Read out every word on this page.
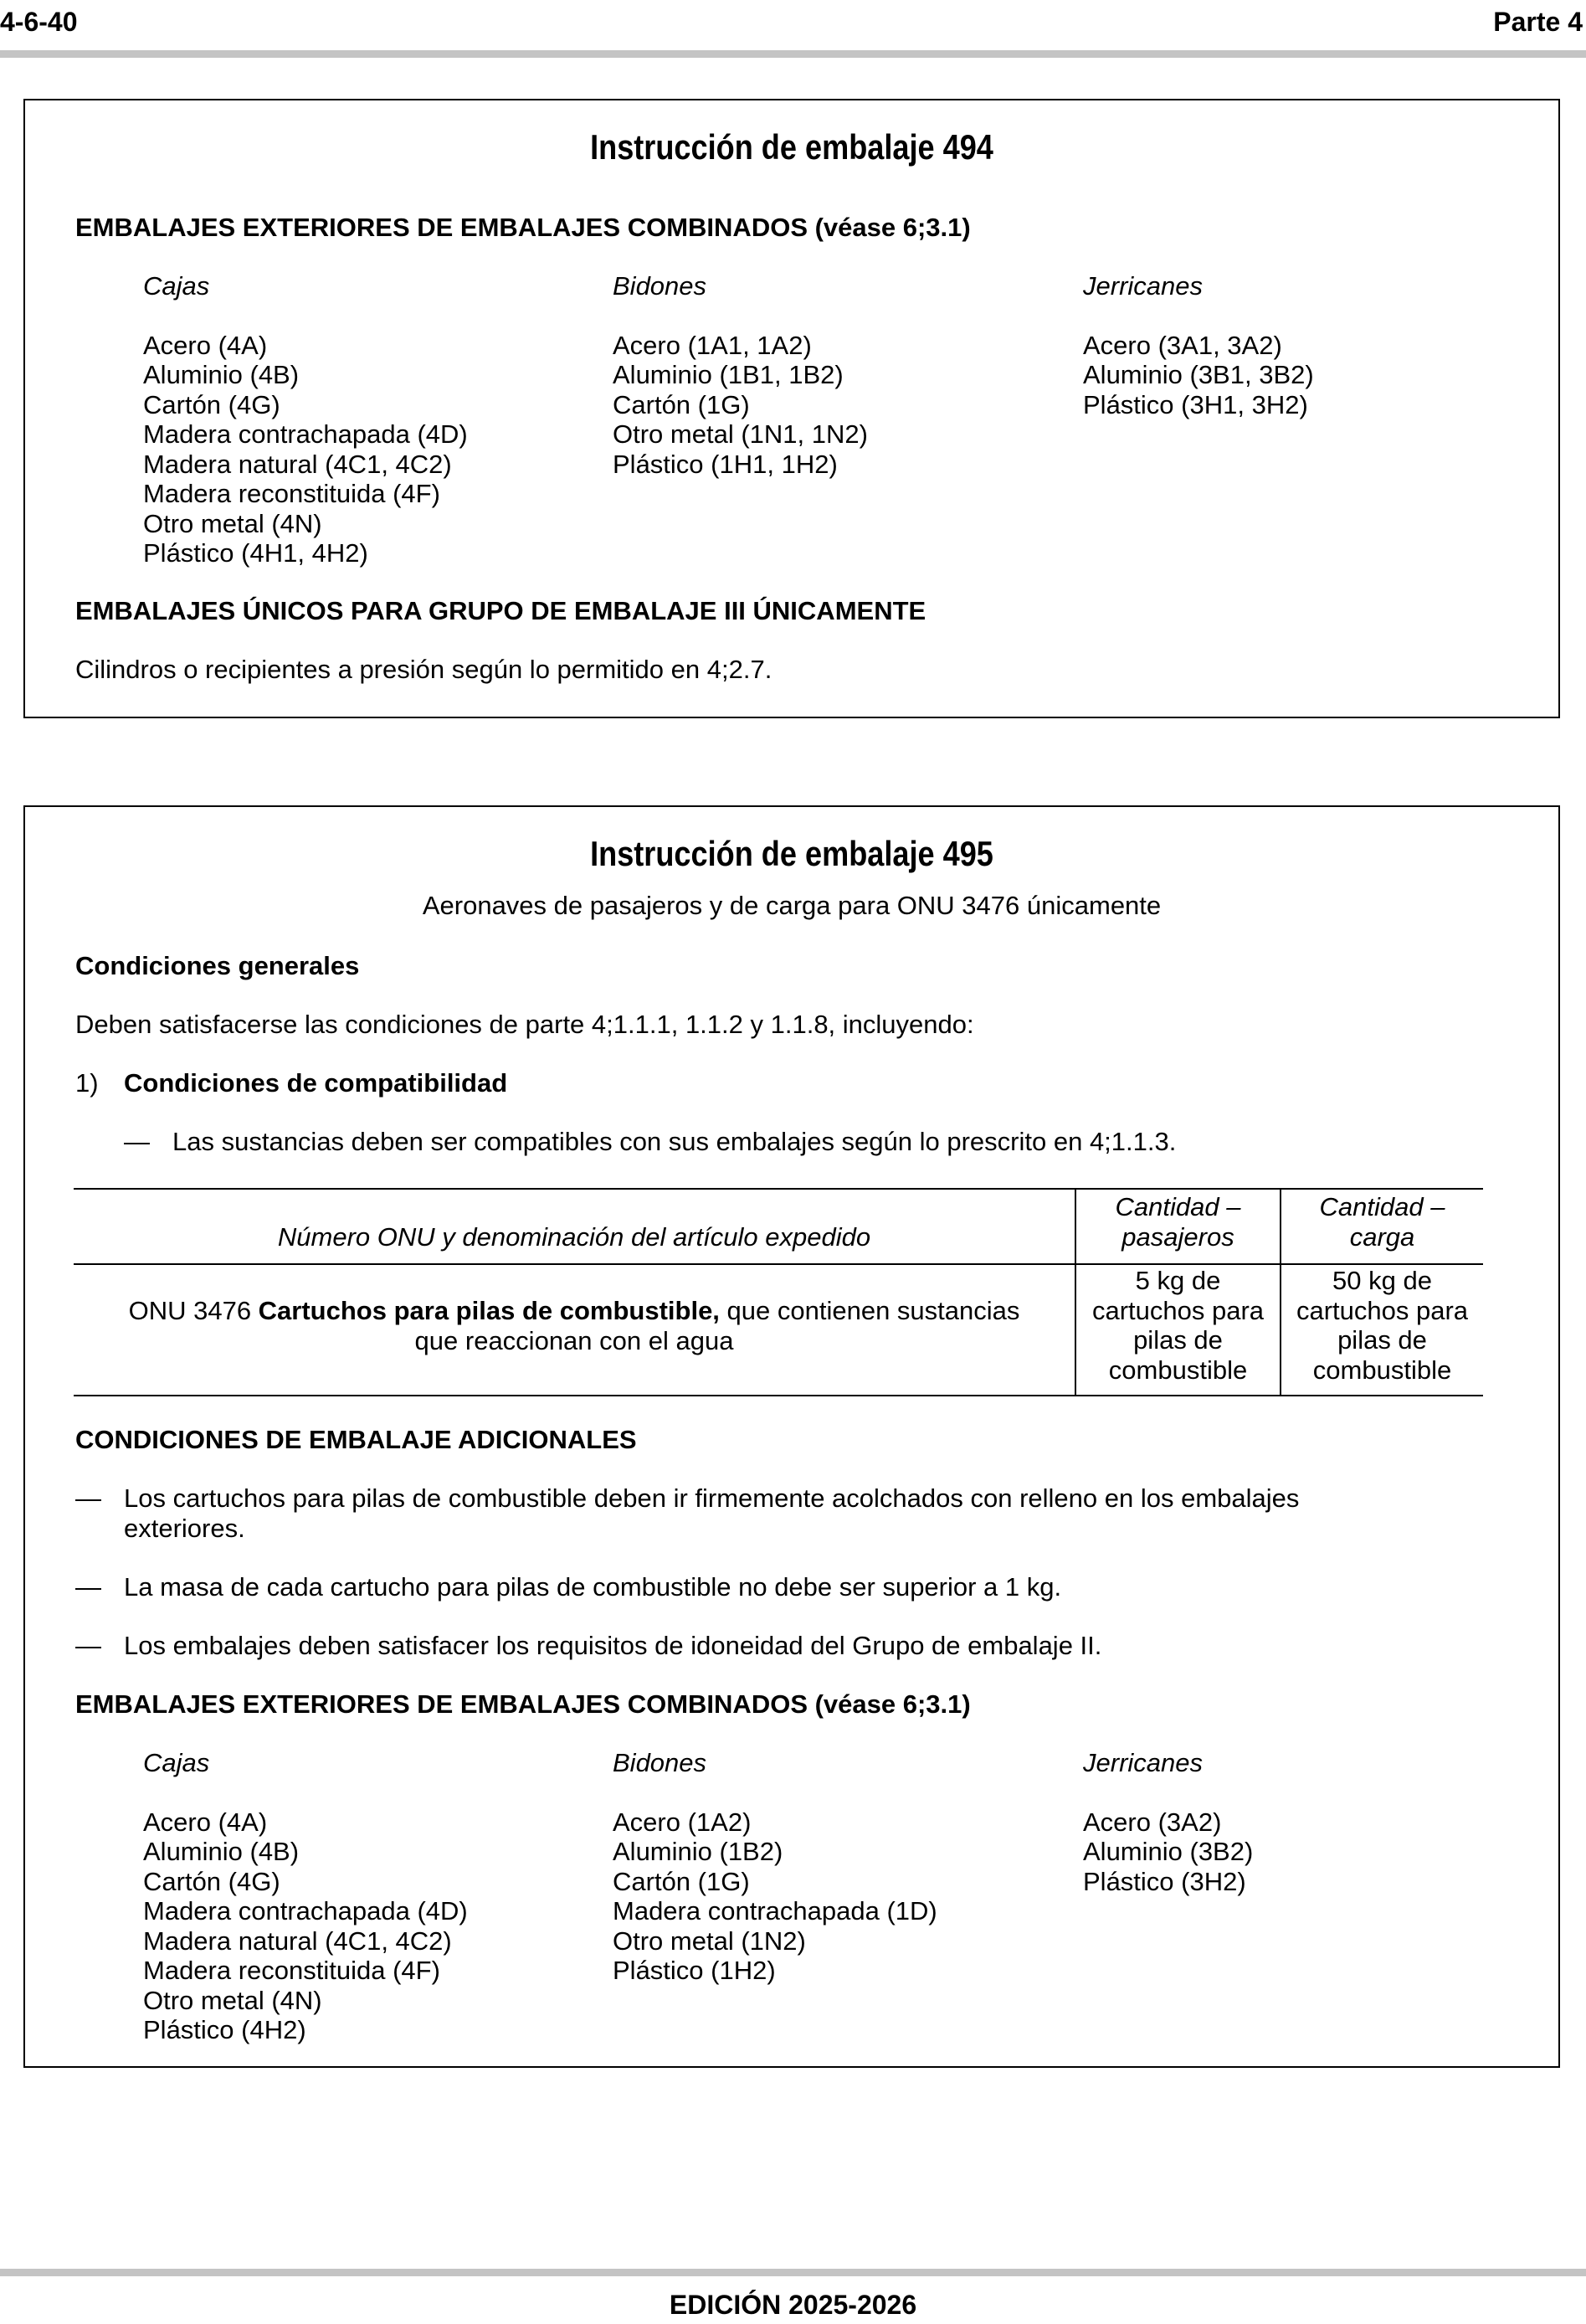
4-6-40	Parte 4
Instrucción de embalaje 494
EMBALAJES EXTERIORES DE EMBALAJES COMBINADOS (véase 6;3.1)
Cajas
Acero (4A)
Aluminio (4B)
Cartón (4G)
Madera contrachapada (4D)
Madera natural (4C1, 4C2)
Madera reconstituida (4F)
Otro metal (4N)
Plástico (4H1, 4H2)
Bidones
Acero (1A1, 1A2)
Aluminio (1B1, 1B2)
Cartón (1G)
Otro metal (1N1, 1N2)
Plástico (1H1, 1H2)
Jerricanes
Acero (3A1, 3A2)
Aluminio (3B1, 3B2)
Plástico (3H1, 3H2)
EMBALAJES ÚNICOS PARA GRUPO DE EMBALAJE III ÚNICAMENTE
Cilindros o recipientes a presión según lo permitido en 4;2.7.
Instrucción de embalaje 495
Aeronaves de pasajeros y de carga para ONU 3476 únicamente
Condiciones generales
Deben satisfacerse las condiciones de parte 4;1.1.1, 1.1.2 y 1.1.8, incluyendo:
1) Condiciones de compatibilidad
— Las sustancias deben ser compatibles con sus embalajes según lo prescrito en 4;1.1.3.
Número ONU y denominación del artículo expedido
Cantidad –
pasajeros
Cantidad –
carga
ONU 3476 Cartuchos para pilas de combustible, que contienen sustancias
que reaccionan con el agua
5 kg de
cartuchos para
pilas de
combustible
50 kg de
cartuchos para
pilas de
combustible
CONDICIONES DE EMBALAJE ADICIONALES
— Los cartuchos para pilas de combustible deben ir firmemente acolchados con relleno en los embalajes
exteriores.
— La masa de cada cartucho para pilas de combustible no debe ser superior a 1 kg.
— Los embalajes deben satisfacer los requisitos de idoneidad del Grupo de embalaje II.
EMBALAJES EXTERIORES DE EMBALAJES COMBINADOS (véase 6;3.1)
Cajas
Acero (4A)
Aluminio (4B)
Cartón (4G)
Madera contrachapada (4D)
Madera natural (4C1, 4C2)
Madera reconstituida (4F)
Otro metal (4N)
Plástico (4H2)
Bidones
Acero (1A2)
Aluminio (1B2)
Cartón (1G)
Madera contrachapada (1D)
Otro metal (1N2)
Plástico (1H2)
Jerricanes
Acero (3A2)
Aluminio (3B2)
Plástico (3H2)
EDICIÓN 2025-2026
